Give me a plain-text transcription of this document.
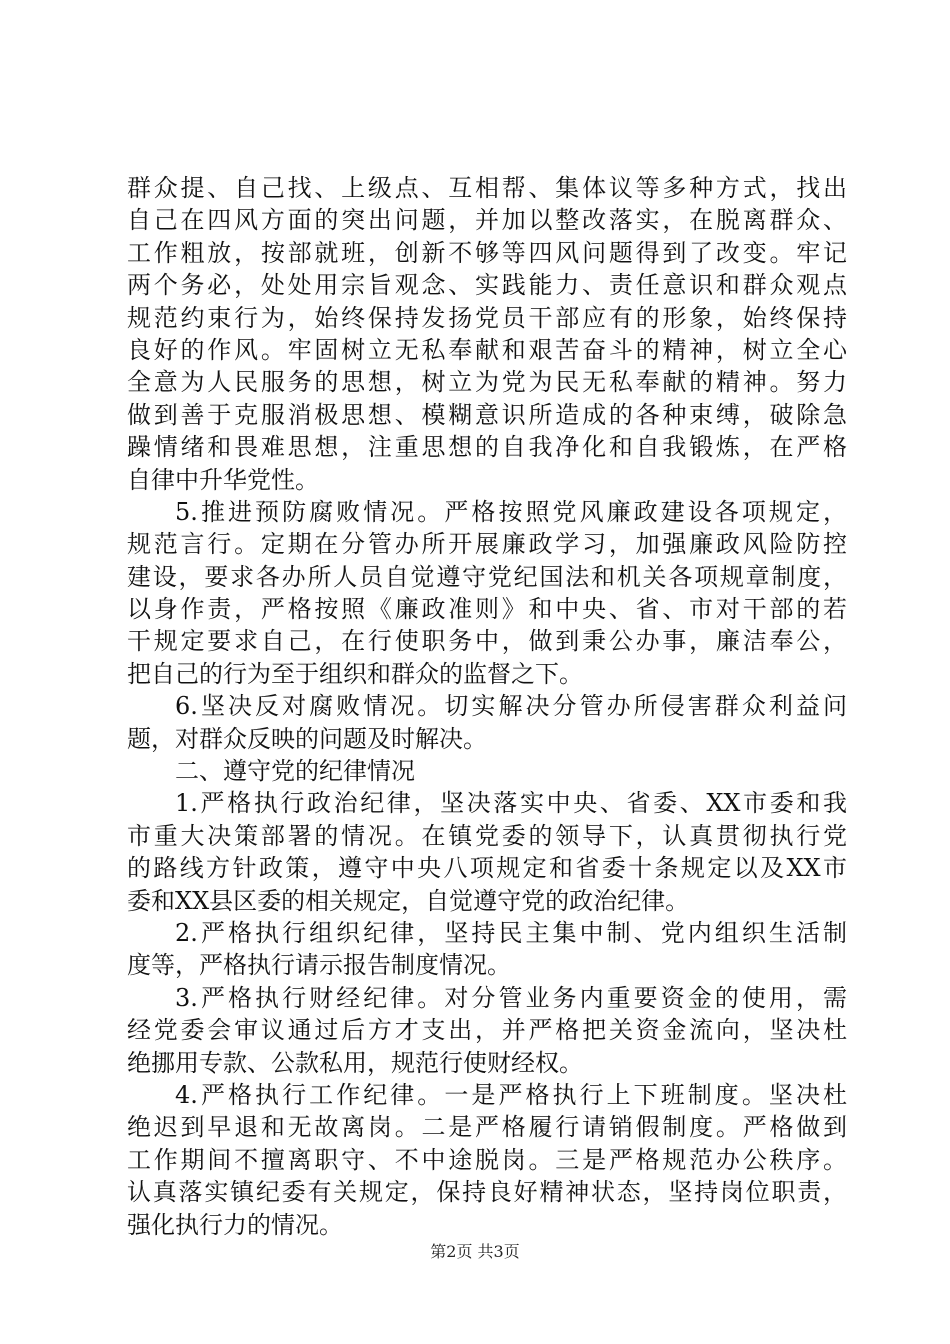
群众提、自己找、上级点、互相帮、集体议等多种方式，找出
自己在四风方面的突出问题，并加以整改落实，在脱离群众、
工作粗放，按部就班，创新不够等四风问题得到了改变。牢记
两个务必，处处用宗旨观念、实践能力、责任意识和群众观点
规范约束行为，始终保持发扬党员干部应有的形象，始终保持
良好的作风。牢固树立无私奉献和艰苦奋斗的精神，树立全心
全意为人民服务的思想，树立为党为民无私奉献的精神。努力
做到善于克服消极思想、模糊意识所造成的各种束缚，破除急
躁情绪和畏难思想，注重思想的自我净化和自我锻炼，在严格
自律中升华党性。
5.推进预防腐败情况。严格按照党风廉政建设各项规定，
规范言行。定期在分管办所开展廉政学习，加强廉政风险防控
建设，要求各办所人员自觉遵守党纪国法和机关各项规章制度，
以身作责，严格按照《廉政准则》和中央、省、市对干部的若
干规定要求自己，在行使职务中，做到秉公办事，廉洁奉公，
把自己的行为至于组织和群众的监督之下。
6.坚决反对腐败情况。切实解决分管办所侵害群众利益问
题，对群众反映的问题及时解决。
二、遵守党的纪律情况
1.严格执行政治纪律，坚决落实中央、省委、XX市委和我
市重大决策部署的情况。在镇党委的领导下，认真贯彻执行党
的路线方针政策，遵守中央八项规定和省委十条规定以及XX市
委和XX县区委的相关规定，自觉遵守党的政治纪律。
2.严格执行组织纪律，坚持民主集中制、党内组织生活制
度等，严格执行请示报告制度情况。
3.严格执行财经纪律。对分管业务内重要资金的使用，需
经党委会审议通过后方才支出，并严格把关资金流向，坚决杜
绝挪用专款、公款私用，规范行使财经权。
4.严格执行工作纪律。一是严格执行上下班制度。坚决杜
绝迟到早退和无故离岗。二是严格履行请销假制度。严格做到
工作期间不擅离职守、不中途脱岗。三是严格规范办公秩序。
认真落实镇纪委有关规定，保持良好精神状态，坚持岗位职责，
强化执行力的情况。
第2页 共3页
